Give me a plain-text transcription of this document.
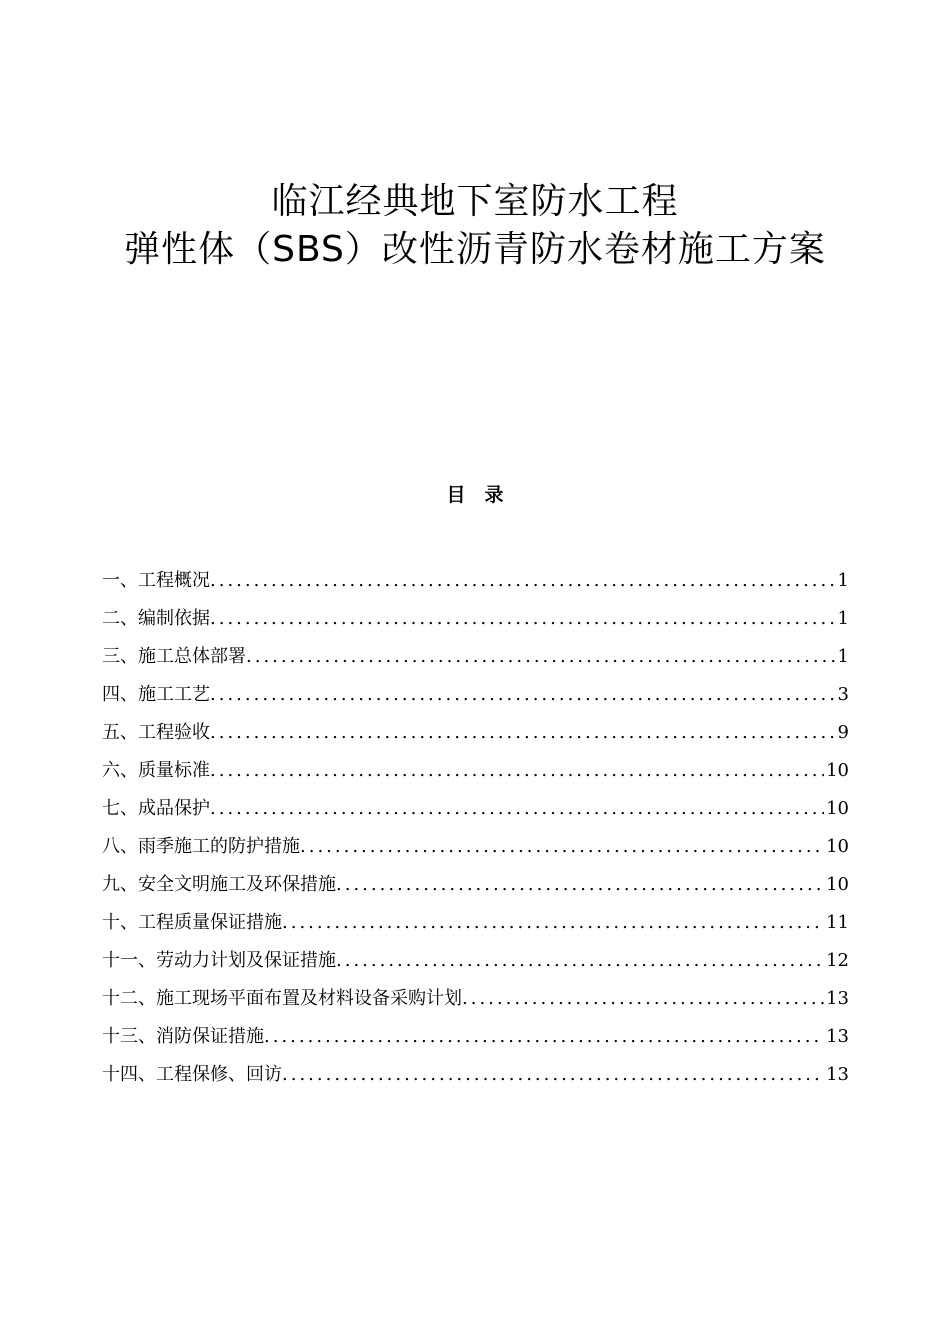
临江经典地下室防水工程
弹性体（SBS）改性沥青防水卷材施工方案
目　录
一、工程概况 .....	1
二、编制依据 .....	1
三、施工总体部署 .....	1
四、施工工艺 .....	3
五、工程验收 .....	9
六、质量标准 .....	10
七、成品保护 .....	10
八、雨季施工的防护措施 .....	10
九、安全文明施工及环保措施 .....	10
十、工程质量保证措施 .....	11
十一、劳动力计划及保证措施 .....	12
十二、施工现场平面布置及材料设备采购计划 .....	13
十三、消防保证措施 .....	13
十四、工程保修、回访 .....	13
